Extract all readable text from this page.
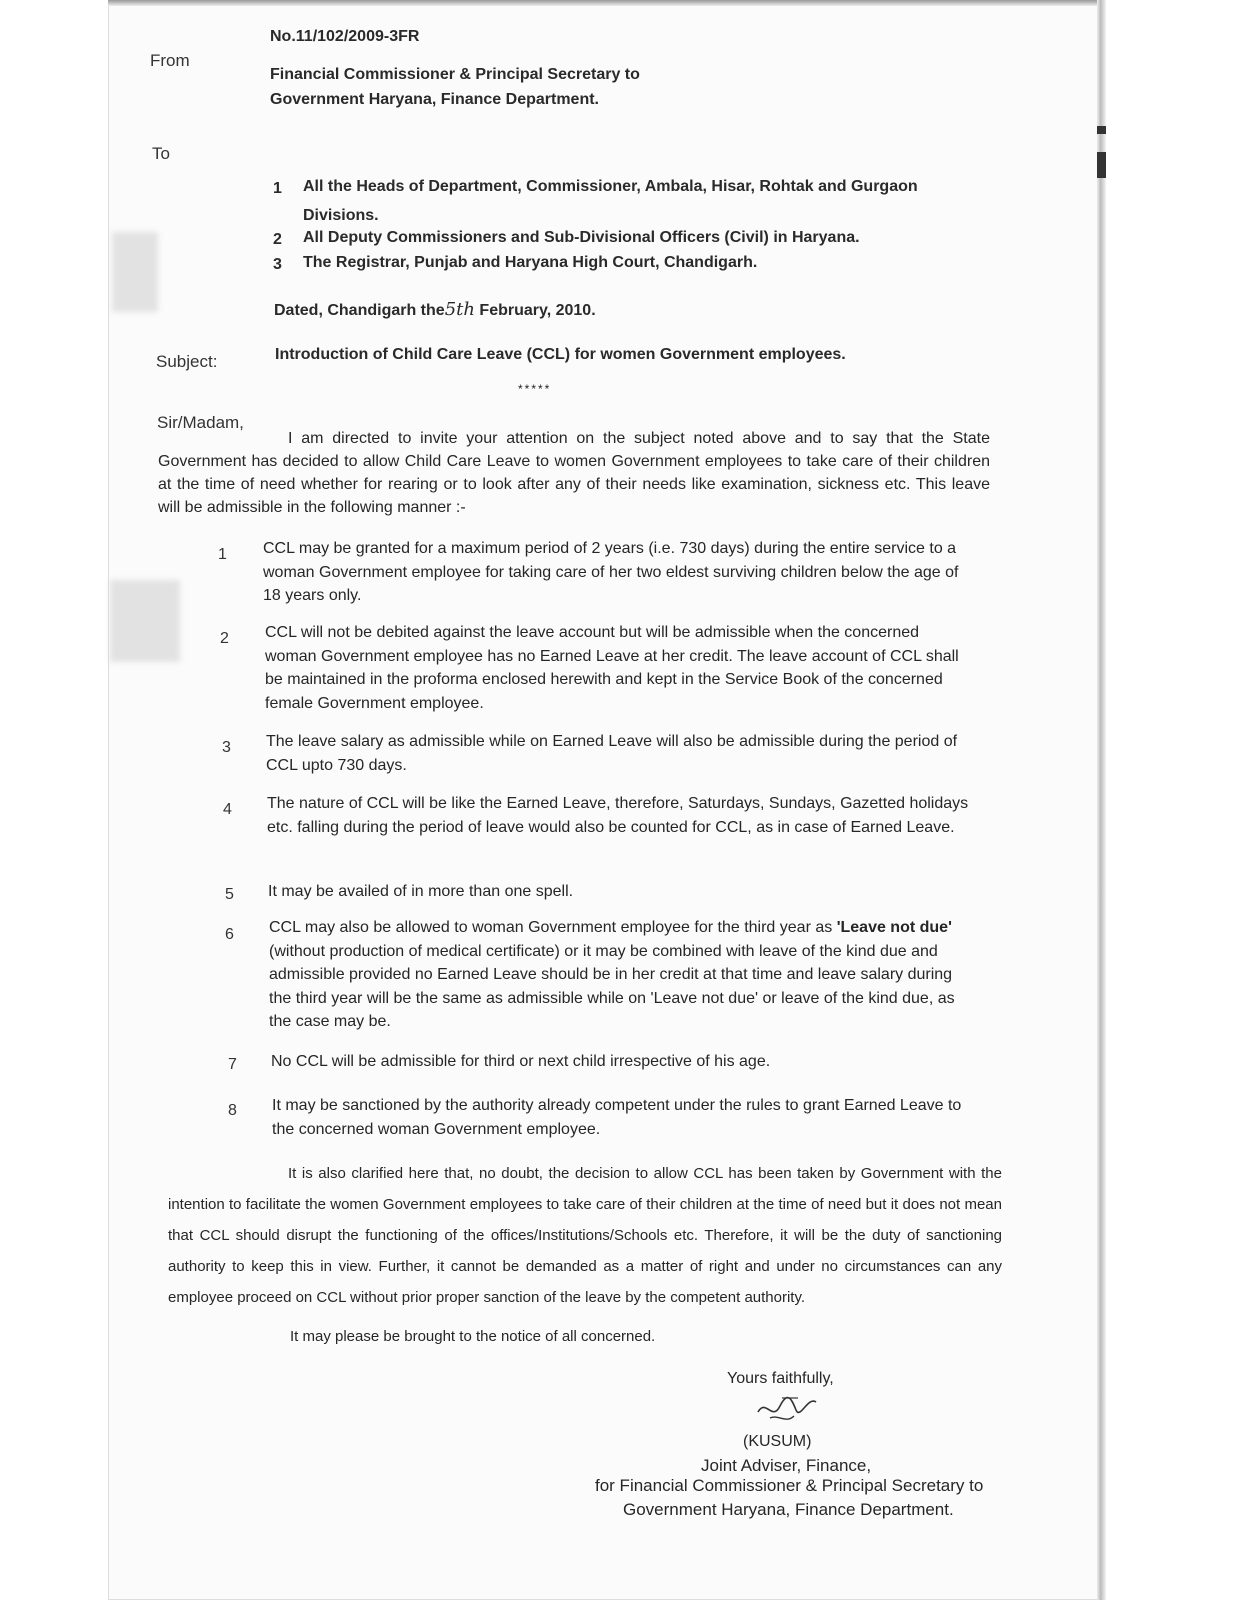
No.11/102/2009-3FR
From
Financial Commissioner & Principal Secretary to
Government Haryana, Finance Department.
To
1 All the Heads of Department, Commissioner, Ambala, Hisar, Rohtak and Gurgaon
Divisions.
2 All Deputy Commissioners and Sub-Divisional Officers (Civil) in Haryana.
3 The Registrar, Punjab and Haryana High Court, Chandigarh.
Dated, Chandigarh the5th February, 2010.
Subject:	Introduction of Child Care Leave (CCL) for women Government employees.
*****
Sir/Madam,
I am directed to invite your attention on the subject noted above and to say that the State Government has decided to allow Child Care Leave to women Government employees to take care of their children at the time of need whether for rearing or to look after any of their needs like examination, sickness etc. This leave will be admissible in the following manner :-
1 CCL may be granted for a maximum period of 2 years (i.e. 730 days) during the entire service to a woman Government employee for taking care of her two eldest surviving children below the age of 18 years only.
2 CCL will not be debited against the leave account but will be admissible when the concerned woman Government employee has no Earned Leave at her credit. The leave account of CCL shall be maintained in the proforma enclosed herewith and kept in the Service Book of the concerned female Government employee.
3 The leave salary as admissible while on Earned Leave will also be admissible during the period of CCL upto 730 days.
4 The nature of CCL will be like the Earned Leave, therefore, Saturdays, Sundays, Gazetted holidays etc. falling during the period of leave would also be counted for CCL, as in case of Earned Leave.
5 It may be availed of in more than one spell.
6 CCL may also be allowed to woman Government employee for the third year as 'Leave not due' (without production of medical certificate) or it may be combined with leave of the kind due and admissible provided no Earned Leave should be in her credit at that time and leave salary during the third year will be the same as admissible while on 'Leave not due' or leave of the kind due, as the case may be.
7 No CCL will be admissible for third or next child irrespective of his age.
8 It may be sanctioned by the authority already competent under the rules to grant Earned Leave to the concerned woman Government employee.
It is also clarified here that, no doubt, the decision to allow CCL has been taken by Government with the intention to facilitate the women Government employees to take care of their children at the time of need but it does not mean that CCL should disrupt the functioning of the offices/Institutions/Schools etc. Therefore, it will be the duty of sanctioning authority to keep this in view. Further, it cannot be demanded as a matter of right and under no circumstances can any employee proceed on CCL without prior proper sanction of the leave by the competent authority.
It may please be brought to the notice of all concerned.
Yours faithfully,
(KUSUM)
Joint Adviser, Finance,
for Financial Commissioner & Principal Secretary to
Government Haryana, Finance Department.
